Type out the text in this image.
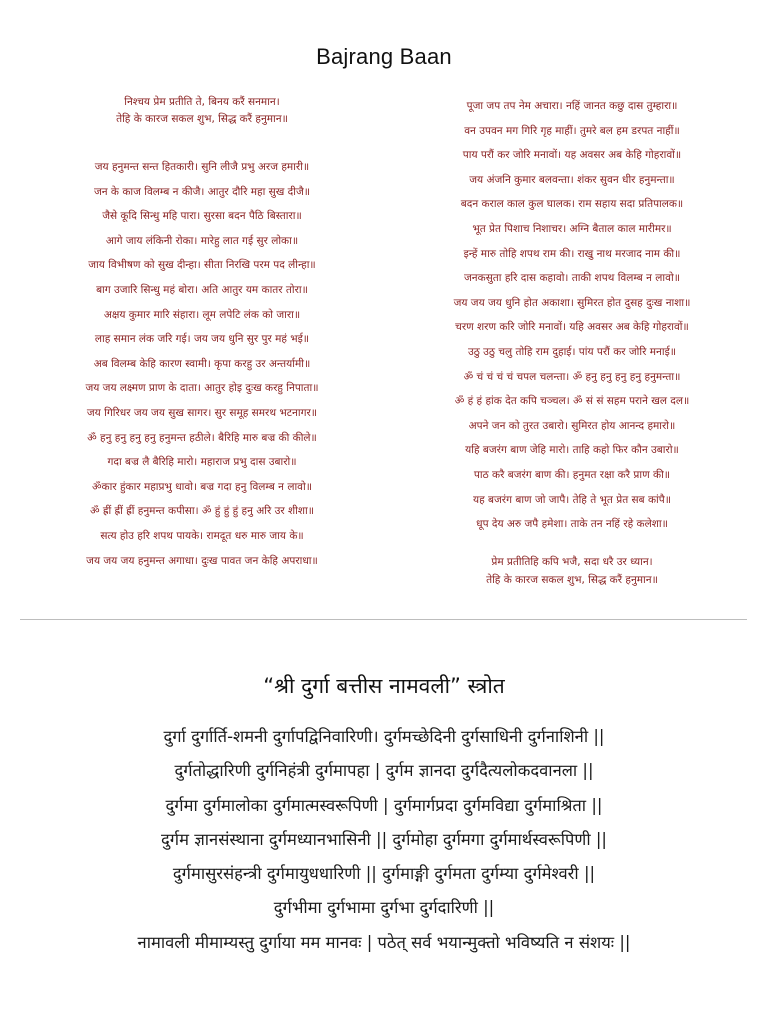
Bajrang Baan
निश्चय प्रेम प्रतीति ते, बिनय करैं सनमान।
तेहि के कारज सकल शुभ, सिद्ध करैं हनुमान॥
जय हनुमन्त सन्त हितकारी। सुनि लीजै प्रभु अरज हमारी॥
जन के काज विलम्ब न कीजै। आतुर दौरि महा सुख दीजै॥
जैसे कूदि सिन्धु महि पारा। सुरसा बदन पैठि बिस्तारा॥
आगे जाय लंकिनी रोका। मारेहु लात गई सुर लोका॥
जाय विभीषण को सुख दीन्हा। सीता निरखि परम पद लीन्हा॥
बाग उजारि सिन्धु महं बोरा। अति आतुर यम कातर तोरा॥
अक्षय कुमार मारि संहारा। लूम लपेटि लंक को जारा॥
लाह समान लंक जरि गई। जय जय धुनि सुर पुर महं भई॥
अब विलम्ब केहि कारण स्वामी। कृपा करहु उर अन्तर्यामी॥
जय जय लक्ष्मण प्राण के दाता। आतुर होइ दुःख करहु निपाता॥
जय गिरिधर जय जय सुख सागर। सुर समूह समरथ भटनागर॥
ॐ हनु हनु हनु हनु हनुमन्त हठीले। बैरिहि मारु बज्र की कीले॥
गदा बज्र लै बैरिहि मारो। महाराज प्रभु दास उबारो॥
ॐकार हुंकार महाप्रभु धावो। बज्र गदा हनु विलम्ब न लावो॥
ॐ ह्रीं ह्रीं ह्रीं हनुमन्त कपीसा। ॐ हुं हुं हुं हनु अरि उर शीशा॥
सत्य होउ हरि शपथ पायके। रामदूत धरु मारु जाय के॥
जय जय जय हनुमन्त अगाधा। दुःख पावत जन केहि अपराधा॥
पूजा जप तप नेम अचारा। नहिं जानत कछु दास तुम्हारा॥
वन उपवन मग गिरि गृह माहीं। तुमरे बल हम डरपत नाहीं॥
पाय परौं कर जोरि मनावों। यह अवसर अब केहि गोहरावों॥
जय अंजनि कुमार बलवन्ता। शंकर सुवन धीर हनुमन्ता॥
बदन कराल काल कुल घालक। राम सहाय सदा प्रतिपालक॥
भूत प्रेत पिशाच निशाचर। अग्नि बैताल काल मारीमर॥
इन्हें मारु तोहि शपथ राम की। राखु नाथ मरजाद नाम की॥
जनकसुता हरि दास कहावो। ताकी शपथ विलम्ब न लावो॥
जय जय जय धुनि होत अकाशा। सुमिरत होत दुसह दुःख नाशा॥
चरण शरण करि जोरि मनावों। यहि अवसर अब केहि गोहरावों॥
उठु उठु चलु तोहि राम दुहाई। पांय परौं कर जोरि मनाई॥
ॐ चं चं चं चं चपल चलन्ता। ॐ हनु हनु हनु हनु हनुमन्ता॥
ॐ हं हं हांक देत कपि चञ्चल। ॐ सं सं सहम पराने खल दल॥
अपने जन को तुरत उबारो। सुमिरत होय आनन्द हमारो॥
यहि बजरंग बाण जेहि मारो। ताहि कहो फिर कौन उबारो॥
पाठ करै बजरंग बाण की। हनुमत रक्षा करै प्राण की॥
यह बजरंग बाण जो जापै। तेहि ते भूत प्रेत सब कांपै॥
धूप देय अरु जपै हमेशा। ताके तन नहिं रहे कलेशा॥
प्रेम प्रतीतिहि कपि भजै, सदा धरै उर ध्यान।
तेहि के कारज सकल शुभ, सिद्ध करैं हनुमान॥
“श्री दुर्गा बत्तीस नामवली” स्त्रोत
दुर्गा दुर्गार्ति-शमनी दुर्गापद्विनिवारिणी। दुर्गमच्छेदिनी दुर्गसाधिनी दुर्गनाशिनी ||
दुर्गतोद्धारिणी दुर्गनिहंत्री दुर्गमापहा | दुर्गम ज्ञानदा दुर्गदैत्यलोकदवानला ||
दुर्गमा दुर्गमालोका दुर्गमात्मस्वरूपिणी | दुर्गमार्गप्रदा दुर्गमविद्या दुर्गमाश्रिता ||
दुर्गम ज्ञानसंस्थाना दुर्गमध्यानभासिनी || दुर्गमोहा दुर्गमगा दुर्गमार्थस्वरूपिणी ||
दुर्गमासुरसंहन्त्री दुर्गमायुधधारिणी || दुर्गमाङ्गी दुर्गमता दुर्गम्या दुर्गमेश्वरी ||
दुर्गभीमा दुर्गभामा दुर्गभा दुर्गदारिणी ||
नामावली मीमाम्यस्तु दुर्गाया मम मानवः | पठेत् सर्व भयान्मुक्तो भविष्यति न संशयः ||
